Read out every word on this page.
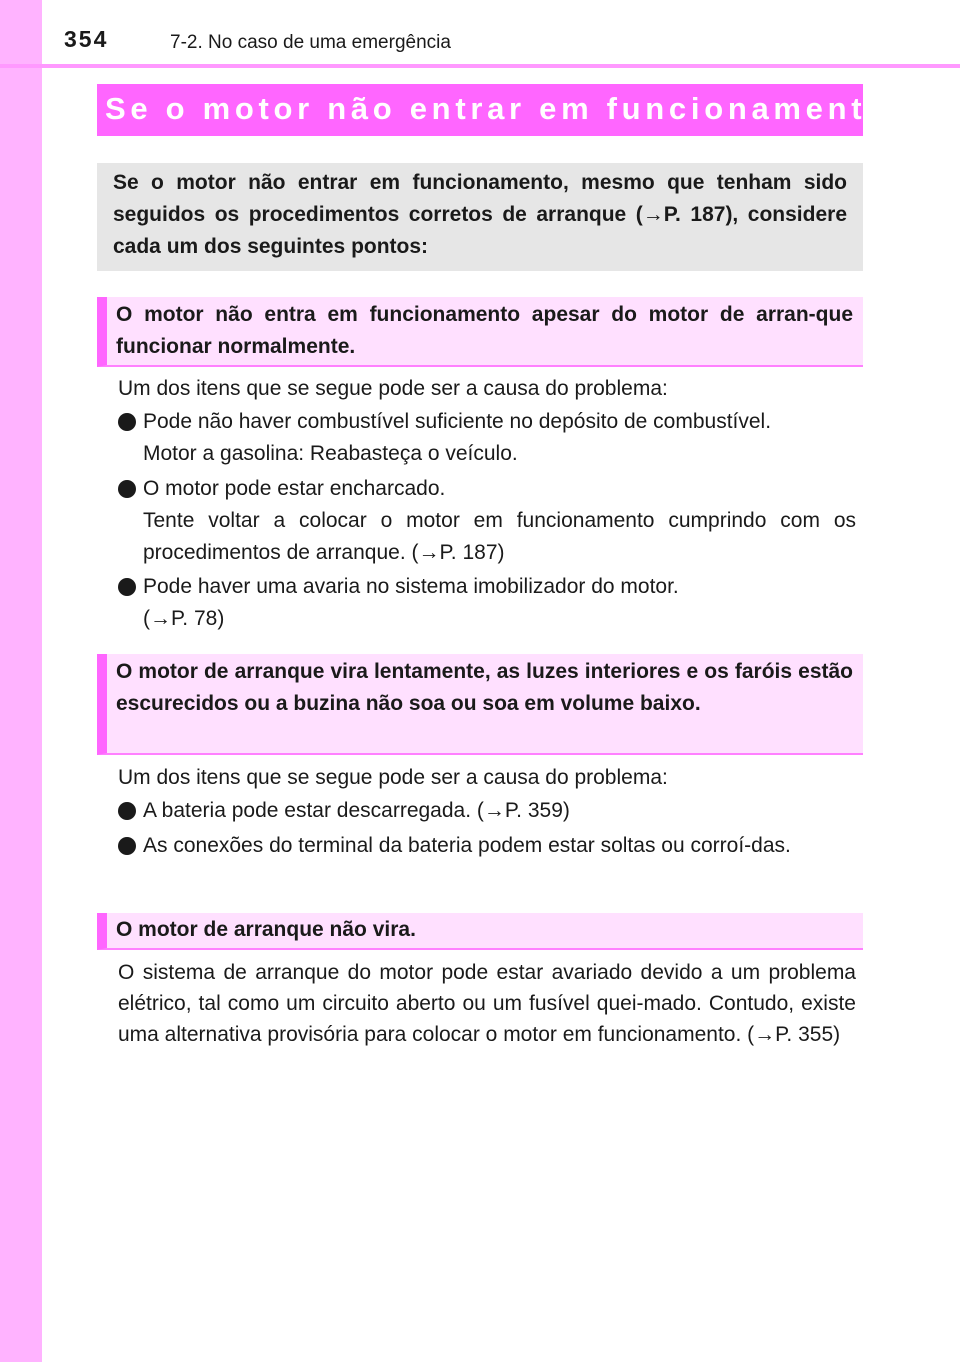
354	7-2. No caso de uma emergência
Se o motor não entrar em funcionamento
Se o motor não entrar em funcionamento, mesmo que tenham sido seguidos os procedimentos corretos de arranque (→P. 187), considere cada um dos seguintes pontos:
O motor não entra em funcionamento apesar do motor de arran-que funcionar normalmente.
Um dos itens que se segue pode ser a causa do problema:
Pode não haver combustível suficiente no depósito de combustível.
Motor a gasolina: Reabasteça o veículo.
O motor pode estar encharcado.
Tente voltar a colocar o motor em funcionamento cumprindo com os procedimentos de arranque. (→P. 187)
Pode haver uma avaria no sistema imobilizador do motor.
(→P. 78)
O motor de arranque vira lentamente, as luzes interiores e os faróis estão escurecidos ou a buzina não soa ou soa em volume baixo.
Um dos itens que se segue pode ser a causa do problema:
A bateria pode estar descarregada. (→P. 359)
As conexões do terminal da bateria podem estar soltas ou corroí-das.
O motor de arranque não vira.
O sistema de arranque do motor pode estar avariado devido a um problema elétrico, tal como um circuito aberto ou um fusível quei-mado. Contudo, existe uma alternativa provisória para colocar o motor em funcionamento. (→P. 355)
